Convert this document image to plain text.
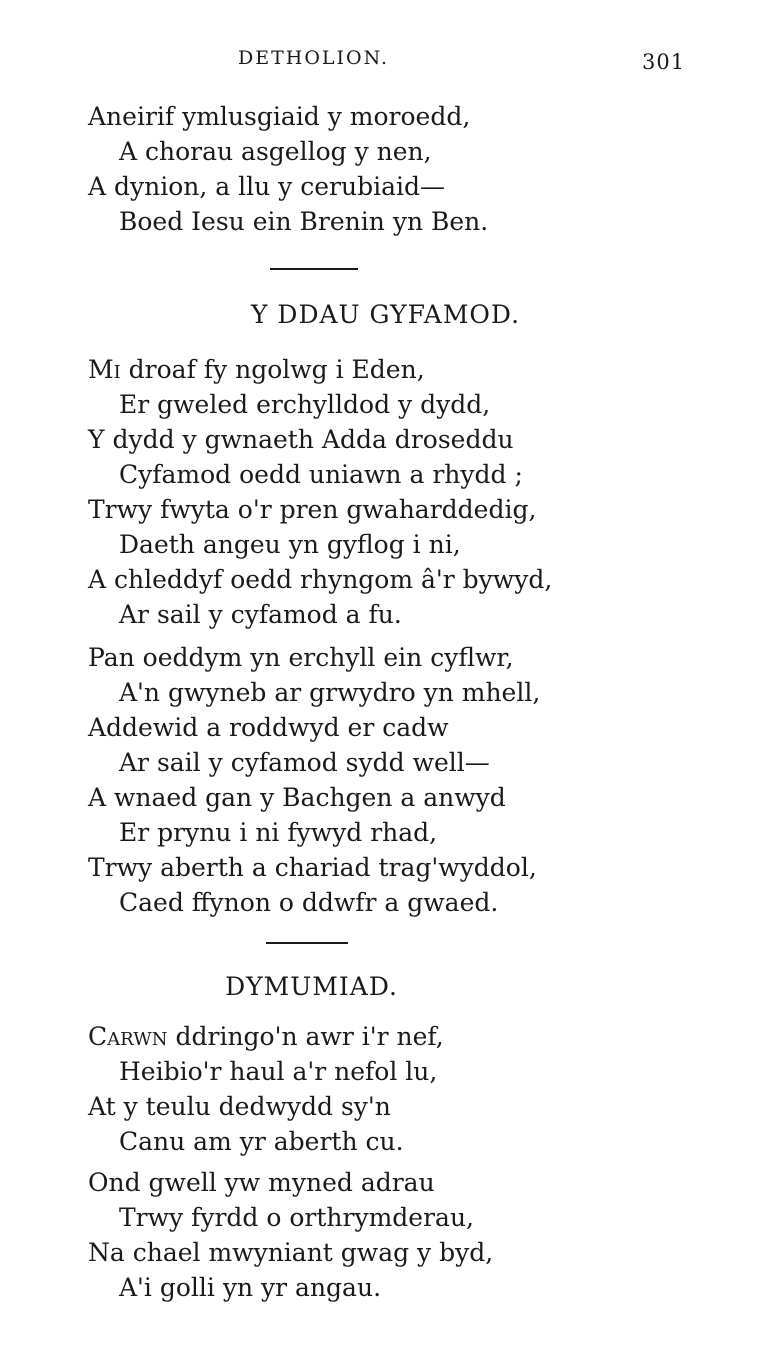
DETHOLION.	301
Aneirif ymlusgiaid y moroedd,
A chorau asgellog y nen,
A dynion, a llu y cerubiaid—
Boed Iesu ein Brenin yn Ben.
Y DDAU GYFAMOD.
Mi droaf fy ngolwg i Eden,
Er gweled erchylldod y dydd,
Y dydd y gwnaeth Adda droseddu
Cyfamod oedd uniawn a rhydd ;
Trwy fwyta o'r pren gwaharddedig,
Daeth angeu yn gyflog i ni,
A chleddyf oedd rhyngom â'r bywyd,
Ar sail y cyfamod a fu.
Pan oeddym yn erchyll ein cyflwr,
A'n gwyneb ar grwydro yn mhell,
Addewid a roddwyd er cadw
Ar sail y cyfamod sydd well—
A wnaed gan y Bachgen a anwyd
Er prynu i ni fywyd rhad,
Trwy aberth a chariad trag'wyddol,
Caed ffynon o ddwfr a gwaed.
DYMUMIAD.
Carwn ddringo'n awr i'r nef,
Heibio'r haul a'r nefol lu,
At y teulu dedwydd sy'n
Canu am yr aberth cu.
Ond gwell yw myned adrau
Trwy fyrdd o orthrymderau,
Na chael mwyniant gwag y byd,
A'i golli yn yr angau.
